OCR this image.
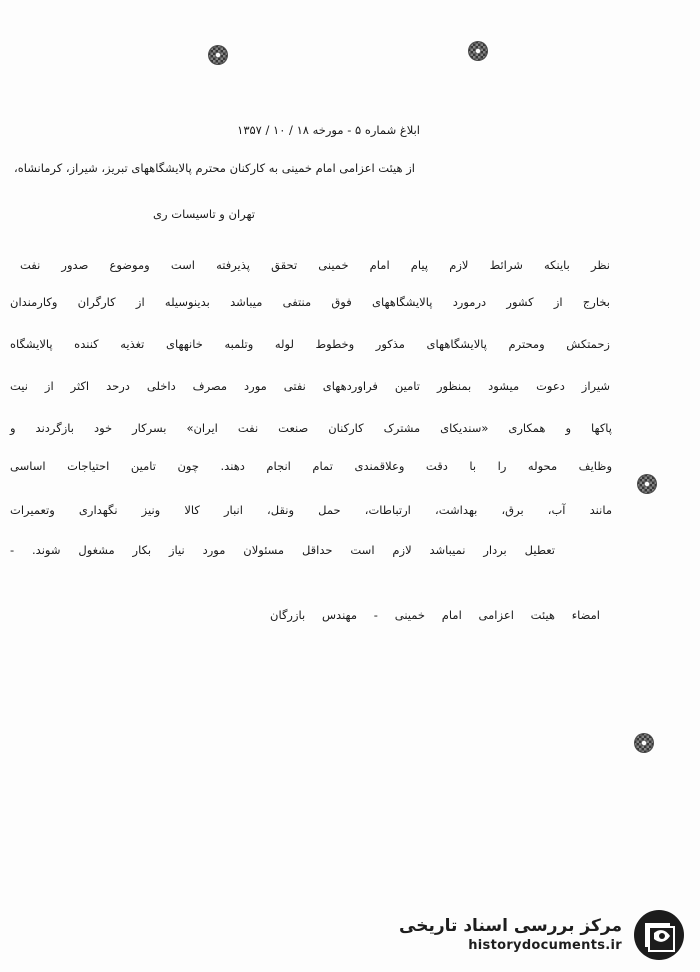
ابلاغ شماره ۵ - مورخه ۱۸ / ۱۰ / ۱۳۵۷
از هیئت اعزامی امام خمینی به کارکنان محترم پالایشگاههای تبریز، شیراز، کرمانشاه،
تهران و تاسیسات ری
نظر باینکه شرائط لازم پیام امام خمینی تحقق پذیرفته است وموضوع صدور نفت
بخارج از کشور درمورد پالایشگاههای فوق منتفی میباشد بدینوسیله از کارگران وکارمندان
زحمتکش ومحترم پالایشگاههای مذکور وخطوط لوله وتلمبه خانههای تغذیه کننده پالایشگاه
شیراز دعوت میشود بمنظور تامین فراوردههای نفتی مورد مصرف داخلی درحد اکثر از نیت
پاکها و همکاری «سندیکای مشترک کارکنان صنعت نفت ایران» بسرکار خود بازگردند و
وظایف محوله را با دقت وعلاقمندی تمام انجام دهند. چون تامین احتیاجات اساسی
مانند آب، برق، بهداشت، ارتباطات، حمل ونقل، انبار کالا ونیز نگهداری وتعمیرات
تعطیل بردار نمیباشد لازم است حداقل مسئولان مورد نیاز بکار مشغول شوند. -
امضاء هیئت اعزامی امام خمینی - مهندس بازرگان
مرکز بررسی اسناد تاریخی
historydocuments.ir
